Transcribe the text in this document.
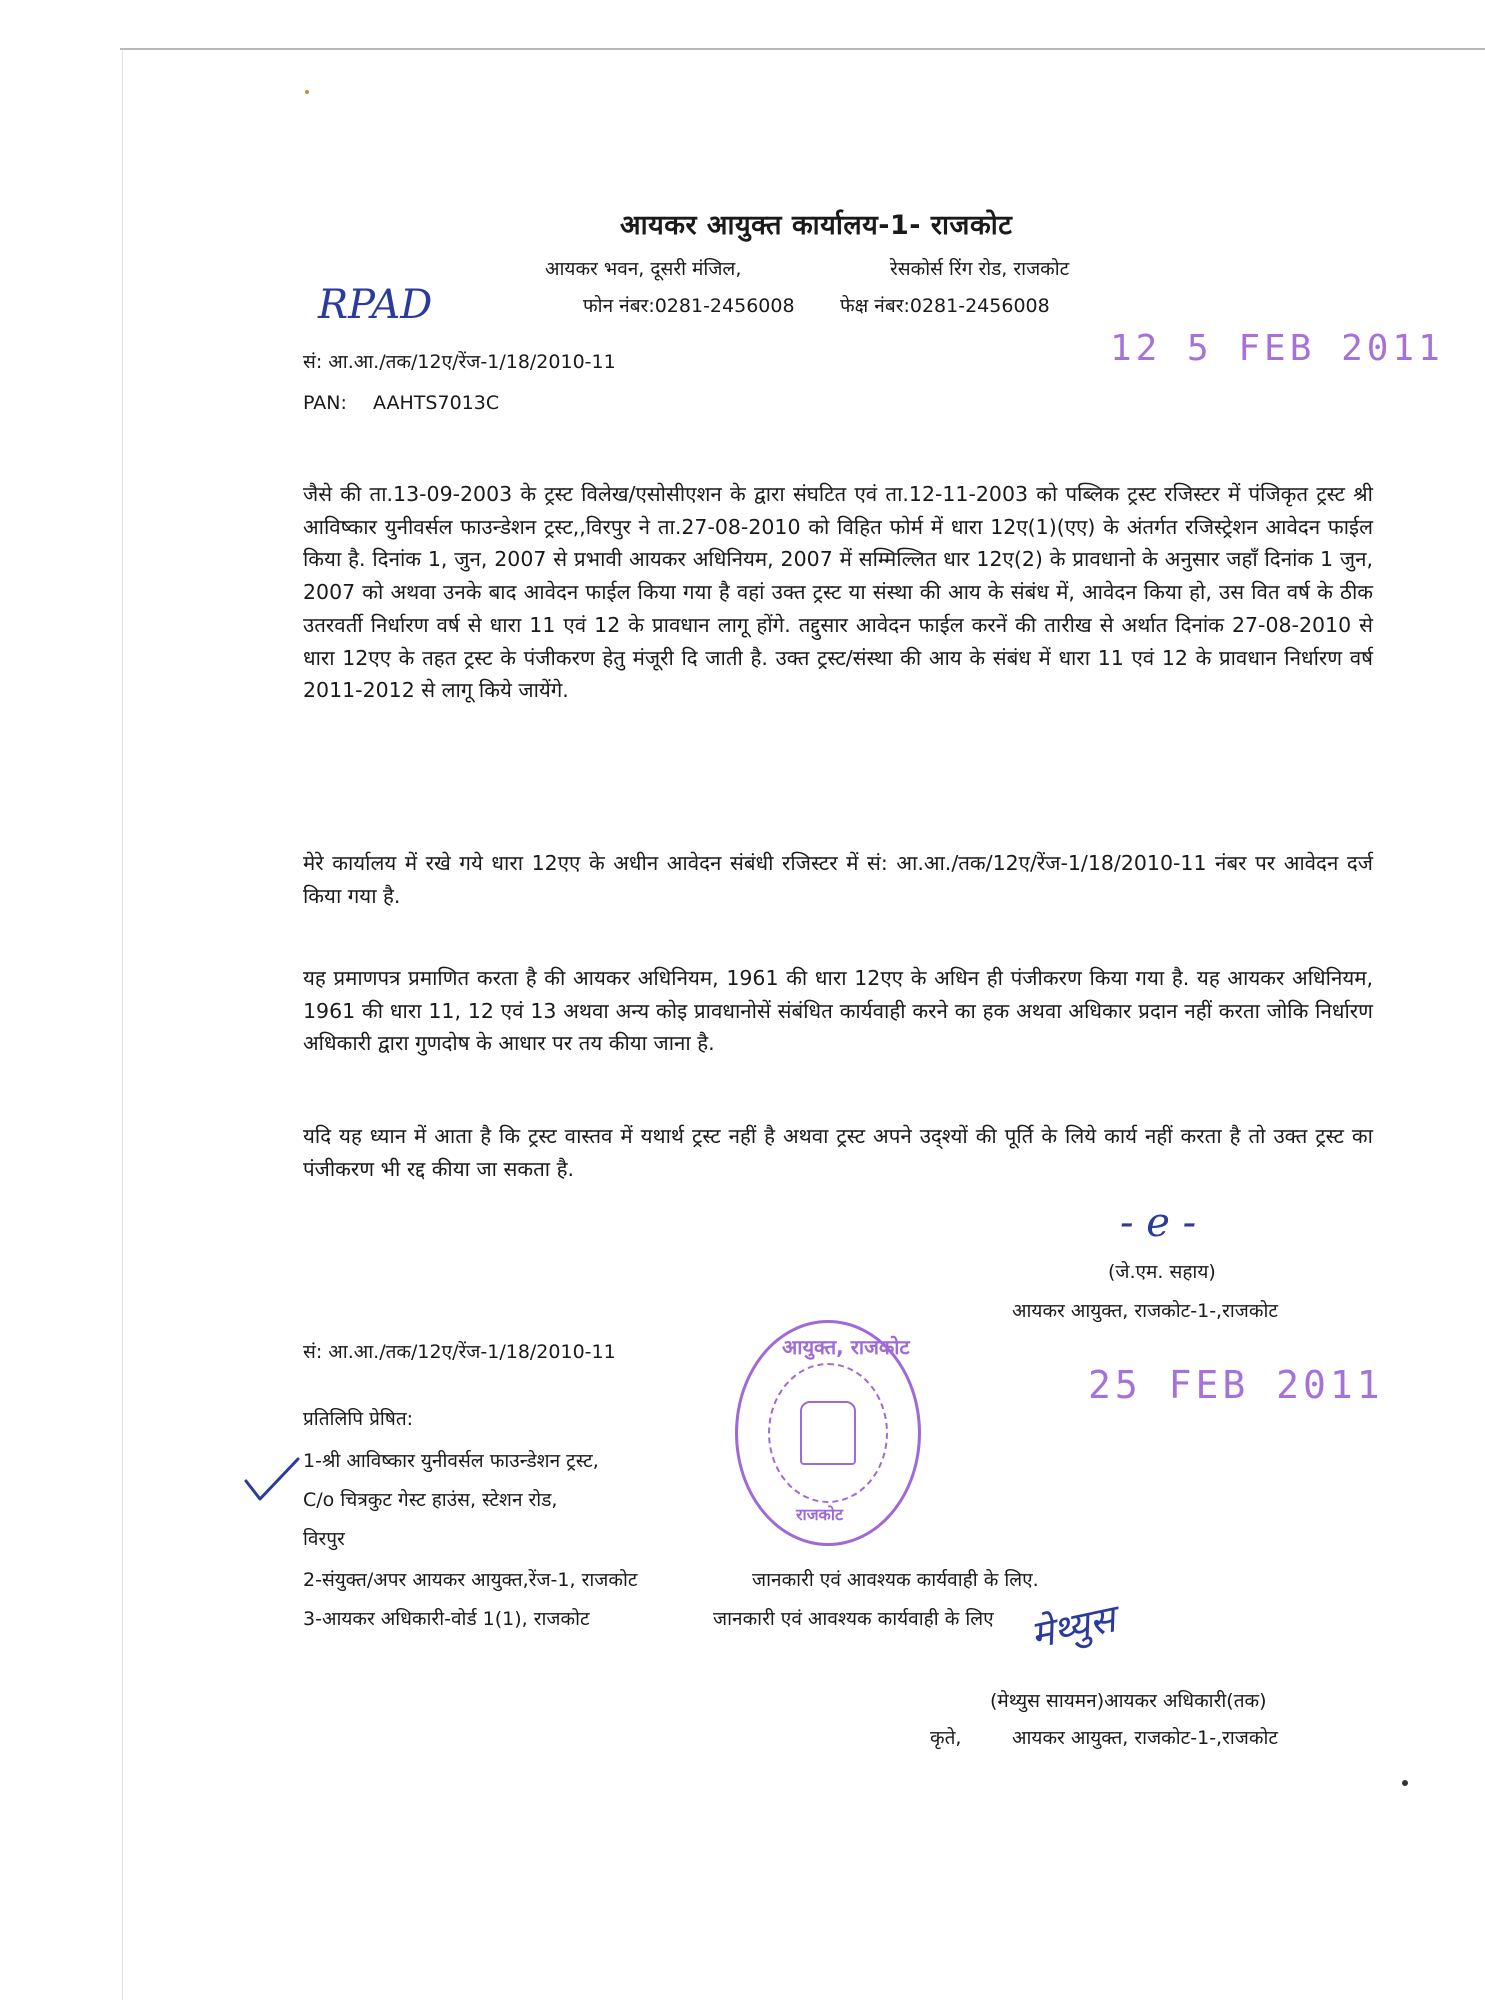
आयकर आयुक्त कार्यालय-1- राजकोट
आयकर भवन, दूसरी मंजिल,	रेसकोर्स रिंग रोड, राजकोट
फोन नंबर:0281-2456008 फेक्ष नंबर:0281-2456008
RPAD
12 5 FEB 2011
सं: आ.आ./तक/12ए/रेंज-1/18/2010-11
PAN: AAHTS7013C
जैसे की ता.13-09-2003 के ट्रस्ट विलेख/एसोसीएशन के द्वारा संघटित एवं ता.12-11-2003 को पब्लिक ट्रस्ट रजिस्टर में पंजिकृत ट्रस्ट श्री आविष्कार युनीवर्सल फाउन्डेशन ट्रस्ट,,विरपुर ने ता.27-08-2010 को विहित फोर्म में धारा 12ए(1)(एए) के अंतर्गत रजिस्ट्रेशन आवेदन फाईल किया है. दिनांक 1, जुन, 2007 से प्रभावी आयकर अधिनियम, 2007 में सम्मिल्लित धार 12ए(2) के प्रावधानो के अनुसार जहाँ दिनांक 1 जुन, 2007 को अथवा उनके बाद आवेदन फाईल किया गया है वहां उक्त ट्रस्ट या संस्था की आय के संबंध में, आवेदन किया हो, उस वित वर्ष के ठीक उतरवर्ती निर्धारण वर्ष से धारा 11 एवं 12 के प्रावधान लागू होंगे. तद्दुसार आवेदन फाईल करनें की तारीख से अर्थात दिनांक 27-08-2010 से धारा 12एए के तहत ट्रस्ट के पंजीकरण हेतु मंजूरी दि जाती है. उक्त ट्रस्ट/संस्था की आय के संबंध में धारा 11 एवं 12 के प्रावधान निर्धारण वर्ष 2011-2012 से लागू किये जायेंगे.
मेरे कार्यालय में रखे गये धारा 12एए के अधीन आवेदन संबंधी रजिस्टर में सं: आ.आ./तक/12ए/रेंज-1/18/2010-11 नंबर पर आवेदन दर्ज किया गया है.
यह प्रमाणपत्र प्रमाणित करता है की आयकर अधिनियम, 1961 की धारा 12एए के अधिन ही पंजीकरण किया गया है. यह आयकर अधिनियम, 1961 की धारा 11, 12 एवं 13 अथवा अन्य कोइ प्रावधानोसें संबंधित कार्यवाही करने का हक अथवा अधिकार प्रदान नहीं करता जोकि निर्धारण अधिकारी द्वारा गुणदोष के आधार पर तय कीया जाना है.
यदि यह ध्यान में आता है कि ट्रस्ट वास्तव में यथार्थ ट्रस्ट नहीं है अथवा ट्रस्ट अपने उद्श्यों की पूर्ति के लिये कार्य नहीं करता है तो उक्त ट्रस्ट का पंजीकरण भी रद्द कीया जा सकता है.
- e -
(जे.एम. सहाय)
आयकर आयुक्त, राजकोट-1-,राजकोट
सं: आ.आ./तक/12ए/रेंज-1/18/2010-11
25 FEB 2011
प्रतिलिपि प्रेषित:
1-श्री आविष्कार युनीवर्सल फाउन्डेशन ट्रस्ट,
C/o चित्रकुट गेस्ट हाउंस, स्टेशन रोड,
विरपुर
2-संयुक्त/अपर आयकर आयुक्त,रेंज-1, राजकोट	जानकारी एवं आवश्यक कार्यवाही के लिए.
3-आयकर अधिकारी-वोर्ड 1(1), राजकोट	जानकारी एवं आवश्यक कार्यवाही के लिए
आयुक्त, राजकोट
राजकोट
मेथ्युस
(मेथ्युस सायमन)आयकर अधिकारी(तक)
कृते,	आयकर आयुक्त, राजकोट-1-,राजकोट
